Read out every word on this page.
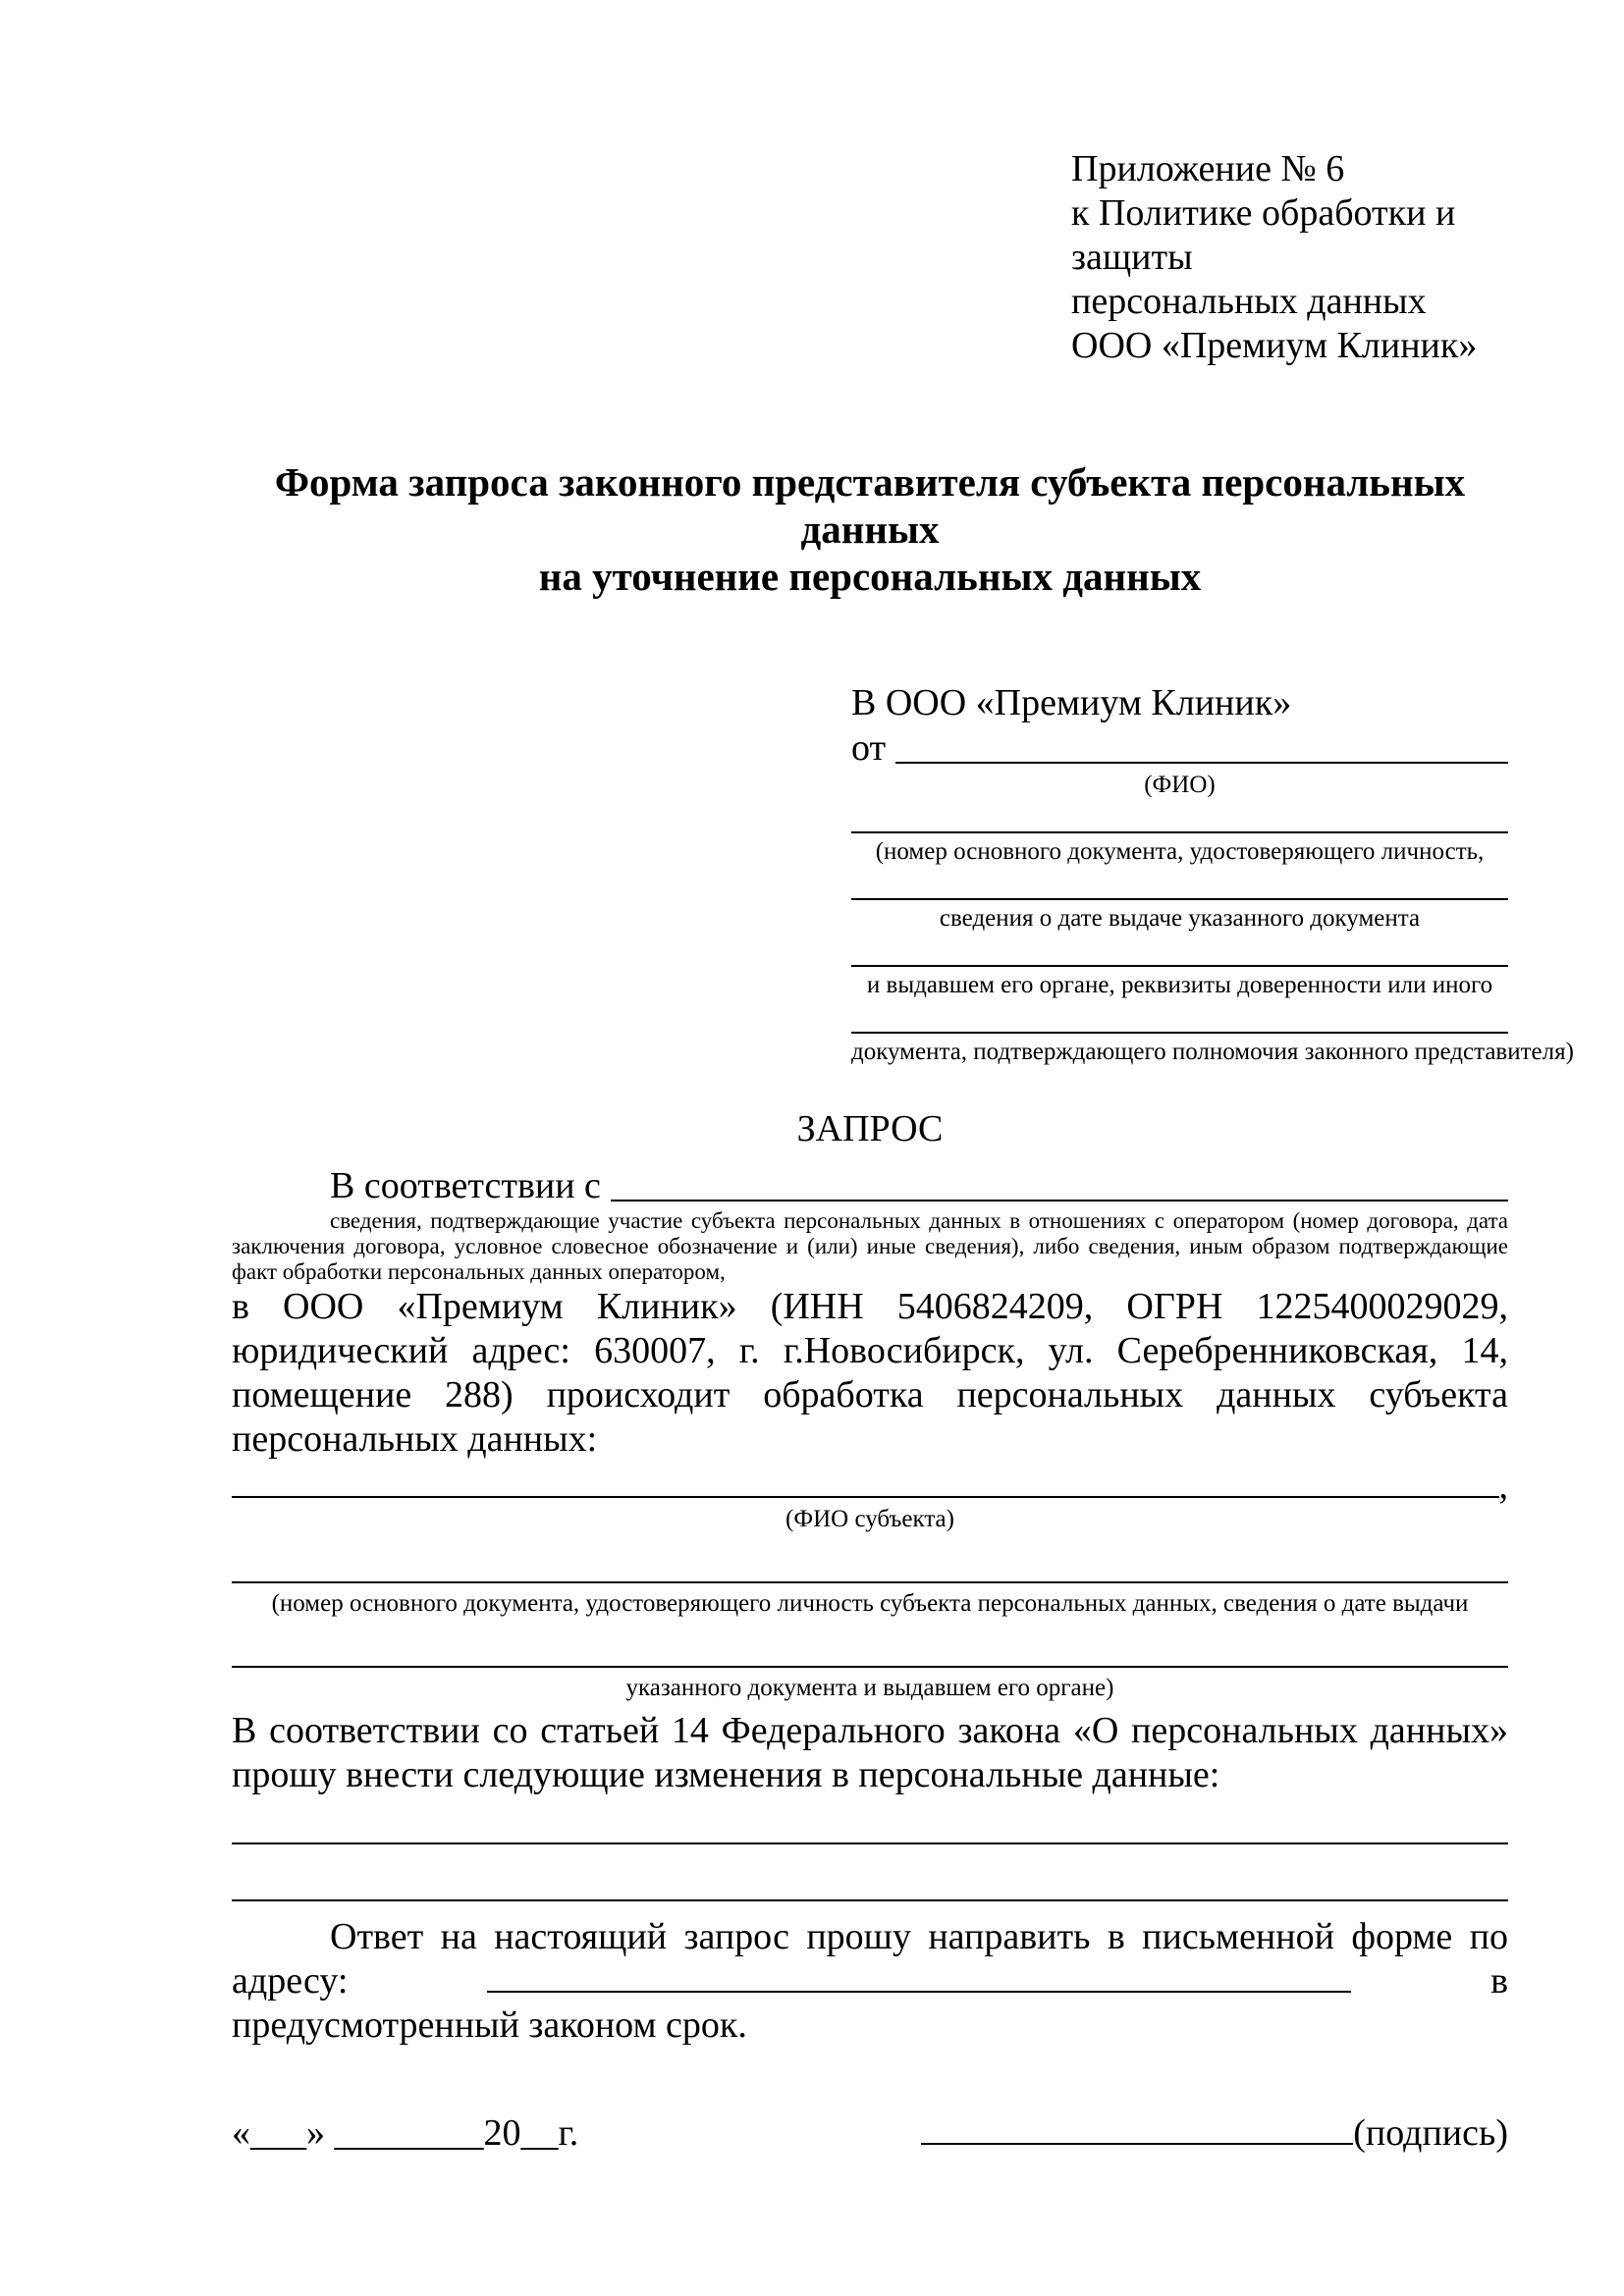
Приложение № 6
к Политике обработки и защиты
персональных данных
ООО «Премиум Клиник»
Форма запроса законного представителя субъекта персональных данных
на уточнение персональных данных
В ООО «Премиум Клиник»
от
(ФИО)
(номер основного документа, удостоверяющего личность,
сведения о дате выдаче указанного документа
и выдавшем его органе, реквизиты доверенности или иного
документа, подтверждающего полномочия законного представителя)
ЗАПРОС
В соответствии с
сведения, подтверждающие участие субъекта персональных данных в отношениях с оператором (номер договора, дата заключения договора, условное словесное обозначение и (или) иные сведения), либо сведения, иным образом подтверждающие факт обработки персональных данных оператором,
в ООО «Премиум Клиник» (ИНН 5406824209, ОГРН 1225400029029, юридический адрес: 630007, г. г.Новосибирск, ул. Серебренниковская, 14, помещение 288) происходит обработка персональных данных субъекта персональных данных:
,
(ФИО субъекта)
(номер основного документа, удостоверяющего личность субъекта персональных данных, сведения о дате выдачи
указанного документа и выдавшем его органе)
В соответствии со статьей 14 Федерального закона «О персональных данных» прошу внести следующие изменения в персональные данные:
Ответ на настоящий запрос прошу направить в письменной форме по адресу:	в предусмотренный законом срок.
«___» ________20__г.	(подпись)
